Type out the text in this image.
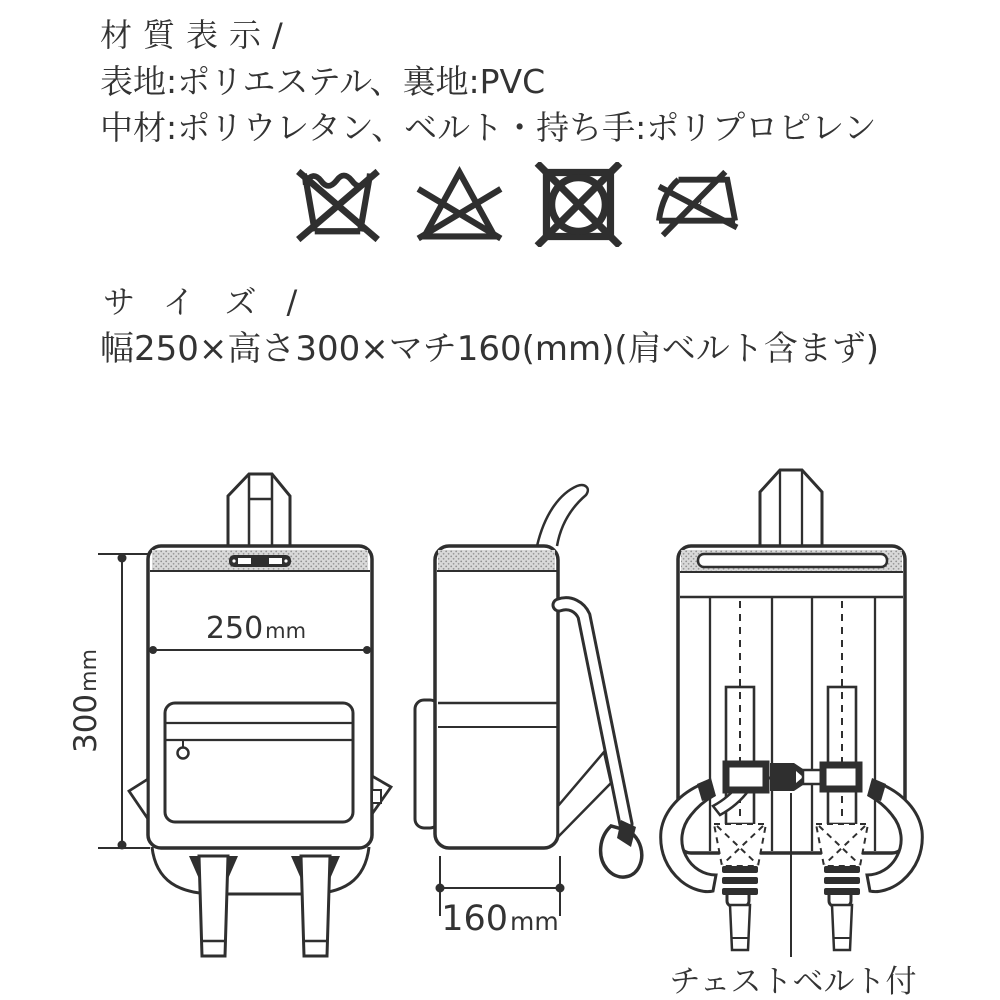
材質表示/
表地:ポリエステル、裏地:PVC
中材:ポリウレタン、ベルト・持ち手:ポリプロピレン
サイズ/
幅250×高さ300×マチ160(mm)(肩ベルト含まず)
250mm
300mm
160mm
チェストベルト付
